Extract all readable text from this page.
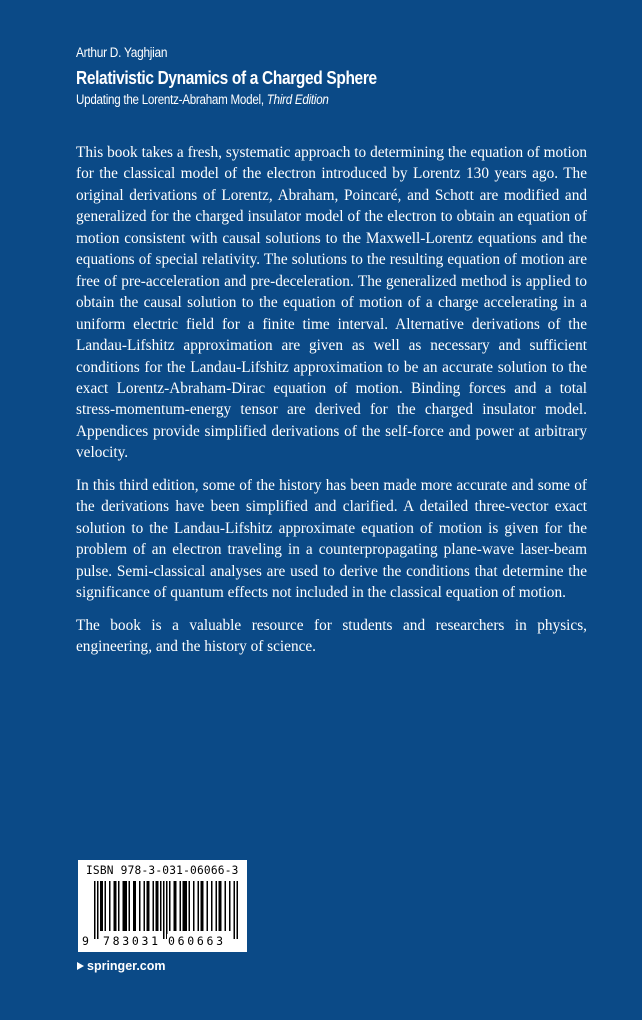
Arthur D. Yaghjian
Relativistic Dynamics of a Charged Sphere
Updating the Lorentz-Abraham Model, Third Edition

This book takes a fresh, systematic approach to determining the equation of motion for the classical model of the electron introduced by Lorentz 130 years ago. The original derivations of Lorentz, Abraham, Poincaré, and Schott are modified and generalized for the charged insulator model of the electron to obtain an equation of motion consistent with causal solutions to the Maxwell-Lorentz equations and the equations of special relativity. The solutions to the resulting equation of motion are free of pre-acceleration and pre-deceleration. The generalized method is applied to obtain the causal solution to the equation of motion of a charge accelerating in a uniform electric field for a finite time interval. Alternative derivations of the Landau-Lifshitz approximation are given as well as necessary and sufficient conditions for the Landau-Lifshitz approximation to be an accurate solution to the exact Lorentz-Abraham-Dirac equation of motion. Binding forces and a total stress-momentum-energy tensor are derived for the charged insulator model. Appendices provide simplified derivations of the self-force and power at arbitrary velocity.

In this third edition, some of the history has been made more accurate and some of the derivations have been simplified and clarified. A detailed three-vector exact solution to the Landau-Lifshitz approximate equation of motion is given for the problem of an electron traveling in a counterpropagating plane-wave laser-beam pulse. Semi-classical analyses are used to derive the conditions that determine the significance of quantum effects not included in the classical equation of motion.

The book is a valuable resource for students and researchers in physics, engineering, and the history of science.

ISBN 978-3-031-06066-3
9 783031 060663
springer.com
